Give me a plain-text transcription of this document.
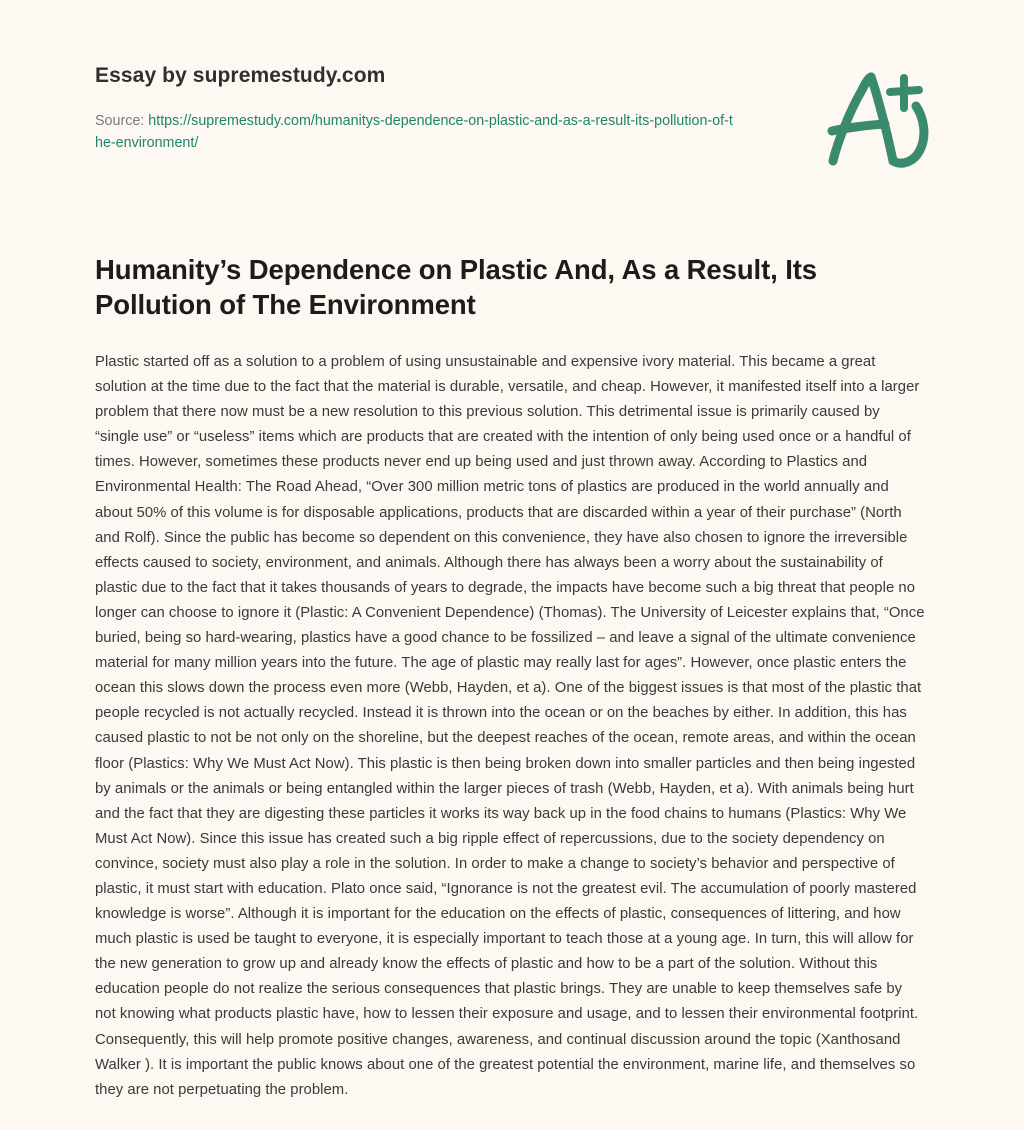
Essay by supremestudy.com
Source: https://supremestudy.com/humanitys-dependence-on-plastic-and-as-a-result-its-pollution-of-the-environment/
Humanity’s Dependence on Plastic And, As a Result, Its Pollution of The Environment

Plastic started off as a solution to a problem of using unsustainable and expensive ivory material. This became a great solution at the time due to the fact that the material is durable, versatile, and cheap. However, it manifested itself into a larger problem that there now must be a new resolution to this previous solution. This detrimental issue is primarily caused by “single use” or “useless” items which are products that are created with the intention of only being used once or a handful of times. However, sometimes these products never end up being used and just thrown away. According to Plastics and Environmental Health: The Road Ahead, “Over 300 million metric tons of plastics are produced in the world annually and about 50% of this volume is for disposable applications, products that are discarded within a year of their purchase” (North and Rolf). Since the public has become so dependent on this convenience, they have also chosen to ignore the irreversible effects caused to society, environment, and animals. Although there has always been a worry about the sustainability of plastic due to the fact that it takes thousands of years to degrade, the impacts have become such a big threat that people no longer can choose to ignore it (Plastic: A Convenient Dependence) (Thomas). The University of Leicester explains that, “Once buried, being so hard-wearing, plastics have a good chance to be fossilized – and leave a signal of the ultimate convenience material for many million years into the future. The age of plastic may really last for ages”. However, once plastic enters the ocean this slows down the process even more (Webb, Hayden, et a). One of the biggest issues is that most of the plastic that people recycled is not actually recycled. Instead it is thrown into the ocean or on the beaches by either. In addition, this has caused plastic to not be not only on the shoreline, but the deepest reaches of the ocean, remote areas, and within the ocean floor (Plastics: Why We Must Act Now). This plastic is then being broken down into smaller particles and then being ingested by animals or the animals or being entangled within the larger pieces of trash (Webb, Hayden, et a). With animals being hurt and the fact that they are digesting these particles it works its way back up in the food chains to humans (Plastics: Why We Must Act Now). Since this issue has created such a big ripple effect of repercussions, due to the society dependency on convince, society must also play a role in the solution. In order to make a change to society’s behavior and perspective of plastic, it must start with education. Plato once said, “Ignorance is not the greatest evil. The accumulation of poorly mastered knowledge is worse”. Although it is important for the education on the effects of plastic, consequences of littering, and how much plastic is used be taught to everyone, it is especially important to teach those at a young age. In turn, this will allow for the new generation to grow up and already know the effects of plastic and how to be a part of the solution. Without this education people do not realize the serious consequences that plastic brings. They are unable to keep themselves safe by not knowing what products plastic have, how to lessen their exposure and usage, and to lessen their environmental footprint. Consequently, this will help promote positive changes, awareness, and continual discussion around the topic (Xanthosand Walker ). It is important the public knows about one of the greatest potential the environment, marine life, and themselves so they are not perpetuating the problem.
